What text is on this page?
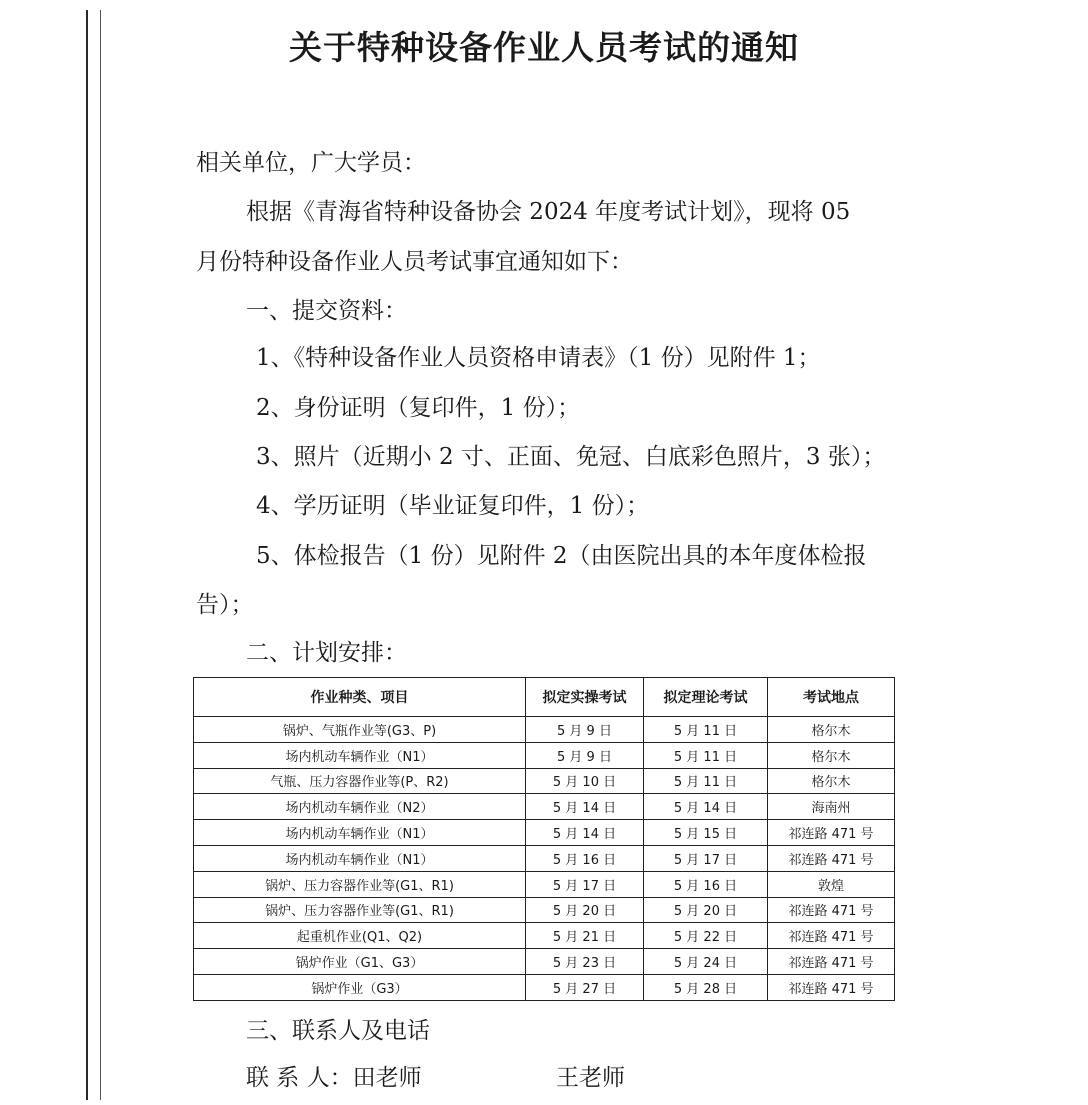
关于特种设备作业人员考试的通知
相关单位，广大学员：
根据《青海省特种设备协会 2024 年度考试计划》，现将 05
月份特种设备作业人员考试事宜通知如下：
一、提交资料：
1、《特种设备作业人员资格申请表》（1 份）见附件 1；
2、身份证明（复印件，1 份）；
3、照片（近期小 2 寸、正面、免冠、白底彩色照片，3 张）；
4、学历证明（毕业证复印件，1 份）；
5、体检报告（1 份）见附件 2（由医院出具的本年度体检报
告）；
二、计划安排：
作业种类、项目	拟定实操考试	拟定理论考试	考试地点
锅炉、气瓶作业等(G3、P)	5 月 9 日	5 月 11 日	格尔木
场内机动车辆作业（N1）	5 月 9 日	5 月 11 日	格尔木
气瓶、压力容器作业等(P、R2)	5 月 10 日	5 月 11 日	格尔木
场内机动车辆作业（N2）	5 月 14 日	5 月 14 日	海南州
场内机动车辆作业（N1）	5 月 14 日	5 月 15 日	祁连路 471 号
场内机动车辆作业（N1）	5 月 16 日	5 月 17 日	祁连路 471 号
锅炉、压力容器作业等(G1、R1)	5 月 17 日	5 月 16 日	敦煌
锅炉、压力容器作业等(G1、R1)	5 月 20 日	5 月 20 日	祁连路 471 号
起重机作业(Q1、Q2)	5 月 21 日	5 月 22 日	祁连路 471 号
锅炉作业（G1、G3）	5 月 23 日	5 月 24 日	祁连路 471 号
锅炉作业（G3）	5 月 27 日	5 月 28 日	祁连路 471 号
三、联系人及电话
联 系 人：田老师	王老师
